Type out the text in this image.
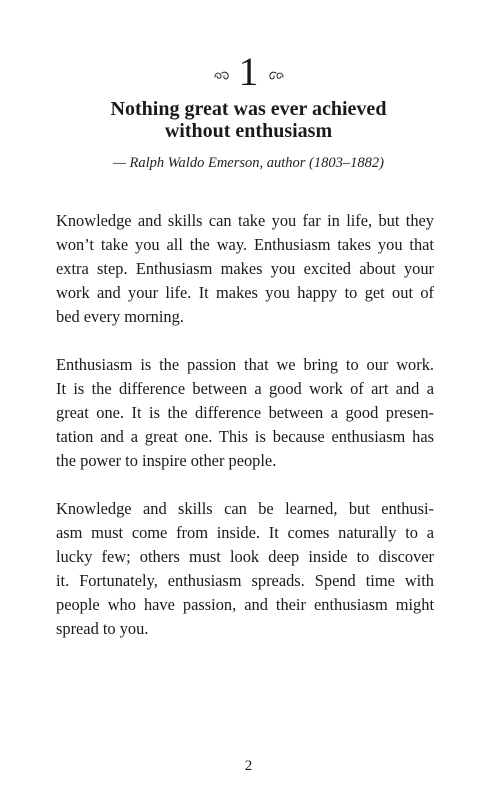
1
Nothing great was ever achieved
without enthusiasm
— Ralph Waldo Emerson, author (1803–1882)

Knowledge and skills can take you far in life, but they
won’t take you all the way. Enthusiasm takes you that
extra step. Enthusiasm makes you excited about your
work and your life. It makes you happy to get out of
bed every morning.

Enthusiasm is the passion that we bring to our work.
It is the difference between a good work of art and a
great one. It is the difference between a good presen-
tation and a great one. This is because enthusiasm has
the power to inspire other people.

Knowledge and skills can be learned, but enthusi-
asm must come from inside. It comes naturally to a
lucky few; others must look deep inside to discover
it. Fortunately, enthusiasm spreads. Spend time with
people who have passion, and their enthusiasm might
spread to you.

2
